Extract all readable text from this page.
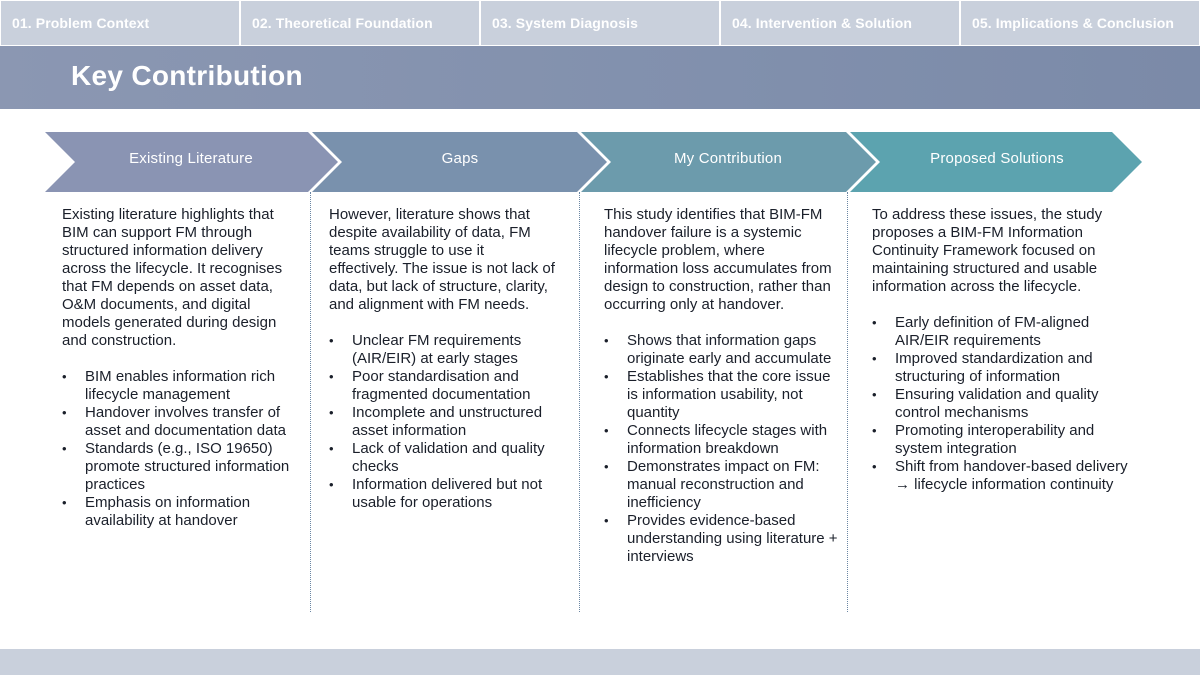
01. Problem Context	02. Theoretical Foundation	03. System Diagnosis	04. Intervention & Solution	05. Implications & Conclusion
Key Contribution
Existing Literature	Gaps	My Contribution	Proposed Solutions

Existing literature highlights that BIM can support FM through structured information delivery across the lifecycle. It recognises that FM depends on asset data, O&M documents, and digital models generated during design and construction.

• BIM enables information rich lifecycle management
• Handover involves transfer of asset and documentation data
• Standards (e.g., ISO 19650) promote structured information practices
• Emphasis on information availability at handover

However, literature shows that despite availability of data, FM teams struggle to use it effectively. The issue is not lack of data, but lack of structure, clarity, and alignment with FM needs.

• Unclear FM requirements (AIR/EIR) at early stages
• Poor standardisation and fragmented documentation
• Incomplete and unstructured asset information
• Lack of validation and quality checks
• Information delivered but not usable for operations

This study identifies that BIM-FM handover failure is a systemic lifecycle problem, where information loss accumulates from design to construction, rather than occurring only at handover.

• Shows that information gaps originate early and accumulate
• Establishes that the core issue is information usability, not quantity
• Connects lifecycle stages with information breakdown
• Demonstrates impact on FM: manual reconstruction and inefficiency
• Provides evidence-based understanding using literature + interviews

To address these issues, the study proposes a BIM-FM Information Continuity Framework focused on maintaining structured and usable information across the lifecycle.

• Early definition of FM-aligned AIR/EIR requirements
• Improved standardization and structuring of information
• Ensuring validation and quality control mechanisms
• Promoting interoperability and system integration
• Shift from handover-based delivery → lifecycle information continuity
